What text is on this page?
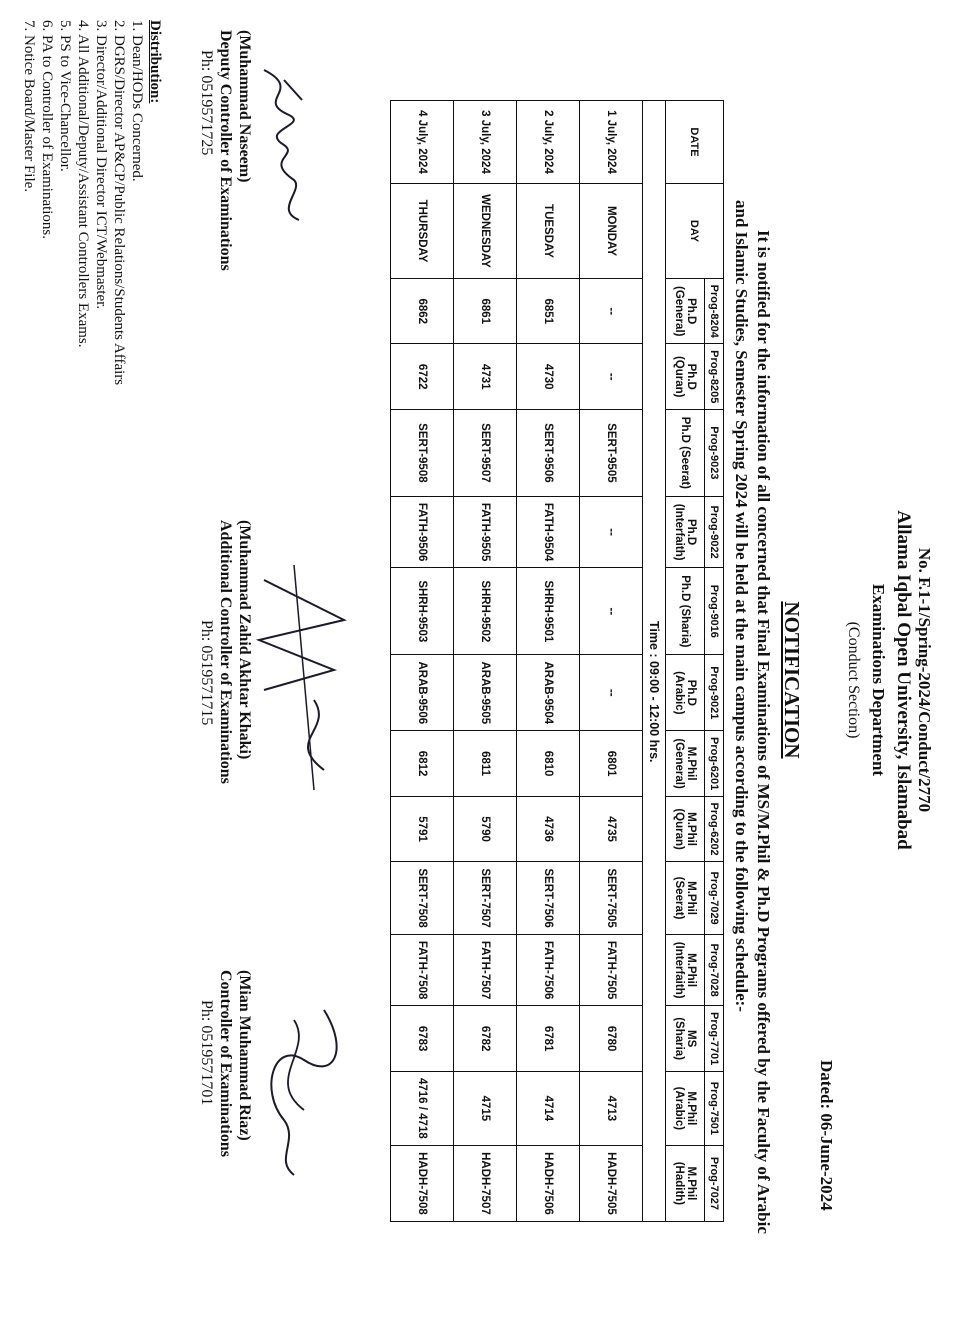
No. F.1-1/Spring-2024/Conduct/2770
Allama Iqbal Open University, Islamabad
Examinations Department
(Conduct Section)
Dated: 06-June-2024
NOTIFICATION
It is notified for the information of all concerned that Final Examinations of MS/M.Phil & Ph.D Programs offered by the Faculty of Arabic and Islamic Studies, Semester Spring 2024 will be held at the main campus according to the following schedule:-
DATE	DAY	Prog-8204	Prog-8205	Prog-9023	Prog-9022	Prog-9016	Prog-9021	Prog-6201	Prog-6202	Prog-7029	Prog-7028	Prog-7701	Prog-7501	Prog-7027
		Ph.D
(General)	Ph.D
(Quran)	Ph.D (Seerat)	Ph.D
(Interfaith)	Ph.D (Sharia)	Ph.D
(Arabic)	M.Phil
(General)	M.Phil
(Quran)	M.Phil
(Seerat)	M.Phil
(Interfaith)	MS
(Sharia)	M.Phil
(Arabic)	M.Phil
(Hadith)
Time : 09:00 - 12:00 hrs.														
1 July, 2024	MONDAY	--	--	SERT-9505	--	--	--	6801	4735	SERT-7505	FATH-7505	6780	4713	HADH-7505
2 July, 2024	TUESDAY	6851	4730	SERT-9506	FATH-9504	SHRH-9501	ARAB-9504	6810	4736	SERT-7506	FATH-7506	6781	4714	HADH-7506
3 July, 2024	WEDNESDAY	6861	4731	SERT-9507	FATH-9505	SHRH-9502	ARAB-9505	6811	5790	SERT-7507	FATH-7507	6782	4715	HADH-7507
4 July, 2024	THURSDAY	6862	6722	SERT-9508	FATH-9506	SHRH-9503	ARAB-9506	6812	5791	SERT-7508	FATH-7508	6783	4716 / 4718	HADH-7508
(Muhammad Naseem)
Deputy Controller of Examinations
Ph: 0519571725
(Muhammad Zahid Akhtar Khaki)
Additional Controller of Examinations
Ph: 0519571715
(Mian Muhammad Riaz)
Controller of Examinations
Ph: 0519571701
Distribution:
1. Dean/HODs Concerned.
2. DGRS/Director AP&CP/Public Relations/Students Affairs
3. Director/Additional Director ICT/Webmaster.
4. All Additional/Deputy/Assistant Controllers Exams.
5. PS to Vice-Chancellor.
6. PA to Controller of Examinations.
7. Notice Board/Master File.
